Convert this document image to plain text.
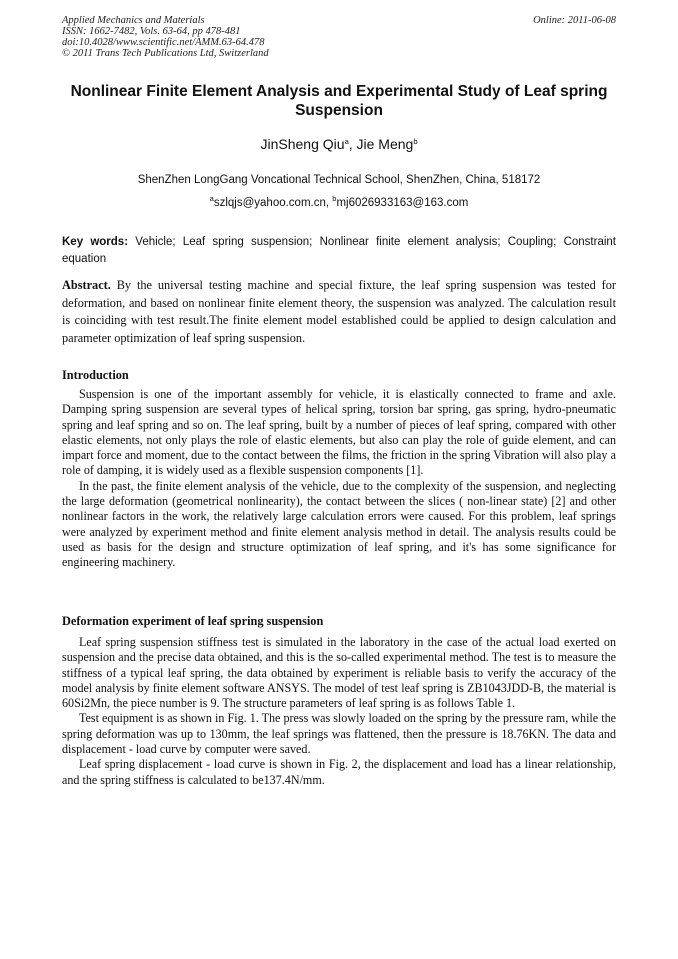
Applied Mechanics and Materials
ISSN: 1662-7482, Vols. 63-64, pp 478-481
doi:10.4028/www.scientific.net/AMM.63-64.478
© 2011 Trans Tech Publications Ltd, Switzerland
Online: 2011-06-08
Nonlinear Finite Element Analysis and Experimental Study of Leaf spring Suspension
JinSheng Qiu$^a$, Jie Meng$^b$
ShenZhen LongGang Voncational Technical School, ShenZhen, China, 518172
$^a$szlqjs@yahoo.com.cn, $^b$mj6026933163@163.com
Key words: Vehicle; Leaf spring suspension; Nonlinear finite element analysis; Coupling; Constraint equation
Abstract. By the universal testing machine and special fixture, the leaf spring suspension was tested for deformation, and based on nonlinear finite element theory, the suspension was analyzed. The calculation result is coinciding with test result.The finite element model established could be applied to design calculation and parameter optimization of leaf spring suspension.
Introduction

Suspension is one of the important assembly for vehicle, it is elastically connected to frame and axle. Damping spring suspension are several types of helical spring, torsion bar spring, gas spring, hydro-pneumatic spring and leaf spring and so on. The leaf spring, built by a number of pieces of leaf spring, compared with other elastic elements, not only plays the role of elastic elements, but also can play the role of guide element, and can impart force and moment, due to the contact between the films, the friction in the spring Vibration will also play a role of damping, it is widely used as a flexible suspension components [1].

In the past, the finite element analysis of the vehicle, due to the complexity of the suspension, and neglecting the large deformation (geometrical nonlinearity), the contact between the slices ( non-linear state) [2] and other nonlinear factors in the work, the relatively large calculation errors were caused. For this problem, leaf springs were analyzed by experiment method and finite element analysis method in detail. The analysis results could be used as basis for the design and structure optimization of leaf spring, and it's has some significance for engineering machinery.

Deformation experiment of leaf spring suspension

Leaf spring suspension stiffness test is simulated in the laboratory in the case of the actual load exerted on suspension and the precise data obtained, and this is the so-called experimental method. The test is to measure the stiffness of a typical leaf spring, the data obtained by experiment is reliable basis to verify the accuracy of the model analysis by finite element software ANSYS. The model of test leaf spring is ZB1043JDD-B, the material is 60Si2Mn, the piece number is 9. The structure parameters of leaf spring is as follows Table 1.

Test equipment is as shown in Fig. 1. The press was slowly loaded on the spring by the pressure ram, while the spring deformation was up to 130mm, the leaf springs was flattened, then the pressure is 18.76KN. The data and displacement - load curve by computer were saved.

Leaf spring displacement - load curve is shown in Fig. 2, the displacement and load has a linear relationship, and the spring stiffness is calculated to be137.4N/mm.
